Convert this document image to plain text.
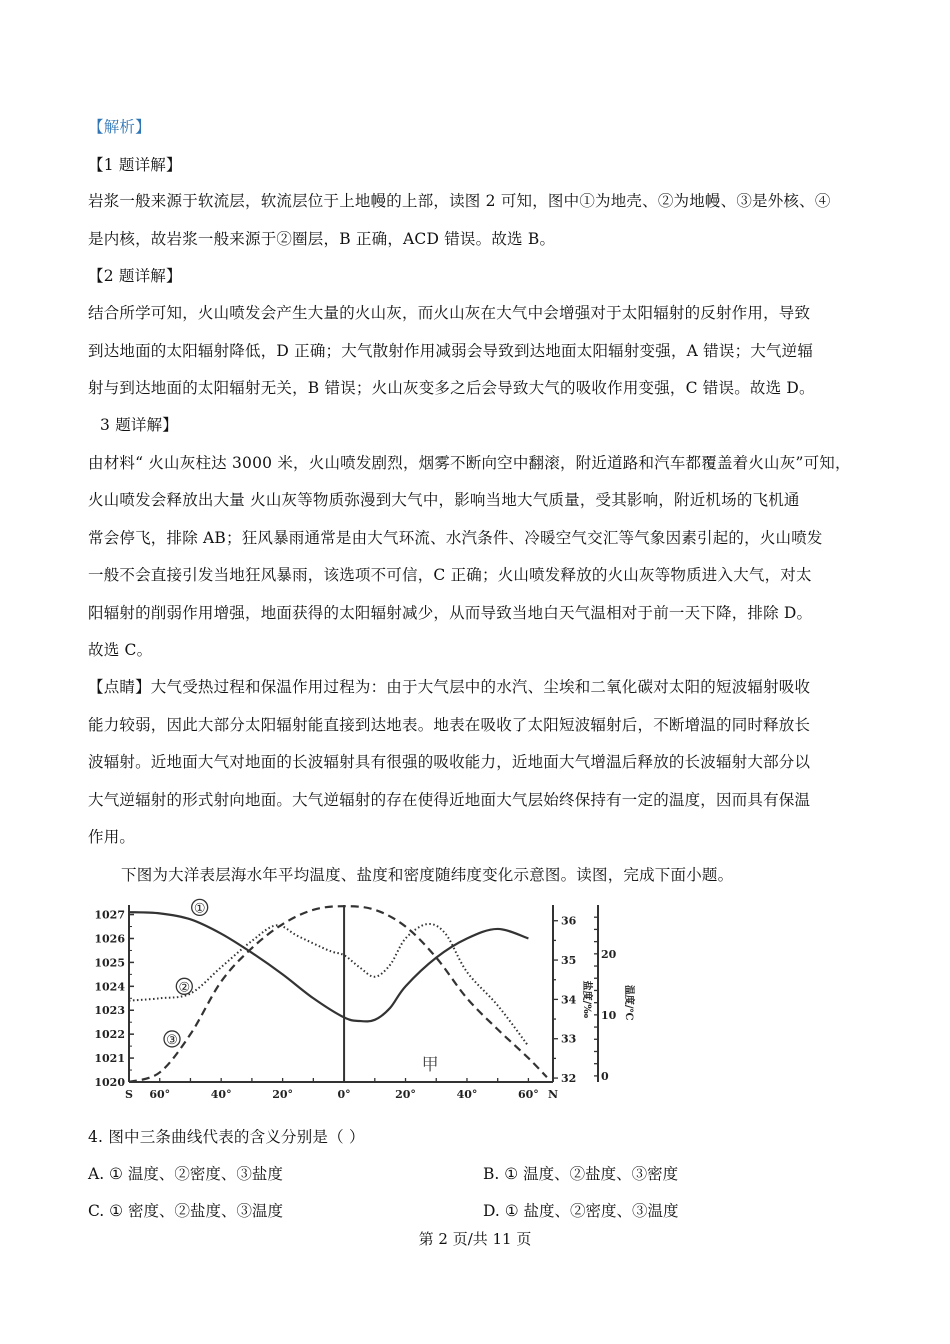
【解析】
【1 题详解】
岩浆一般来源于软流层，软流层位于上地幔的上部，读图 2 可知，图中①为地壳、②为地幔、③是外核、④
是内核，故岩浆一般来源于②圈层，B 正确，ACD 错误。故选 B。
【2 题详解】
结合所学可知，火山喷发会产生大量的火山灰，而火山灰在大气中会增强对于太阳辐射的反射作用，导致
到达地面的太阳辐射降低，D 正确；大气散射作用减弱会导致到达地面太阳辐射变强，A 错误；大气逆辐
射与到达地面的太阳辐射无关，B 错误；火山灰变多之后会导致大气的吸收作用变强，C 错误。故选 D。
3 题详解】
由材料“ 火山灰柱达 3000 米，火山喷发剧烈，烟雾不断向空中翻滚，附近道路和汽车都覆盖着火山灰”可知，
火山喷发会释放出大量 火山灰等物质弥漫到大气中，影响当地大气质量，受其影响，附近机场的飞机通
常会停飞，排除 AB；狂风暴雨通常是由大气环流、水汽条件、冷暖空气交汇等气象因素引起的，火山喷发
一般不会直接引发当地狂风暴雨，该选项不可信，C 正确；火山喷发释放的火山灰等物质进入大气，对太
阳辐射的削弱作用增强，地面获得的太阳辐射减少，从而导致当地白天气温相对于前一天下降，排除 D。
故选 C。
【点睛】大气受热过程和保温作用过程为：由于大气层中的水汽、尘埃和二氧化碳对太阳的短波辐射吸收
能力较弱，因此大部分太阳辐射能直接到达地表。地表在吸收了太阳短波辐射后，不断增温的同时释放长
波辐射。近地面大气对地面的长波辐射具有很强的吸收能力，近地面大气增温后释放的长波辐射大部分以
大气逆辐射的形式射向地面。大气逆辐射的存在使得近地面大气层始终保持有一定的温度，因而具有保温
作用。
下图为大洋表层海水年平均温度、盐度和密度随纬度变化示意图。读图，完成下面小题。
1020
1021
1022
1023
1024
1025
1026
1027
S 60°	40°	20°	0°	20°	40°	60° N
32
33
34
35
36
盐度/‰
0
10
20
温度/℃
①
②
③
甲
4. 图中三条曲线代表的含义分别是（ ）
A. ① 温度、②密度、③盐度	B. ① 温度、②盐度、③密度
C. ① 密度、②盐度、③温度	D. ① 盐度、②密度、③温度
第 2 页/共 11 页
